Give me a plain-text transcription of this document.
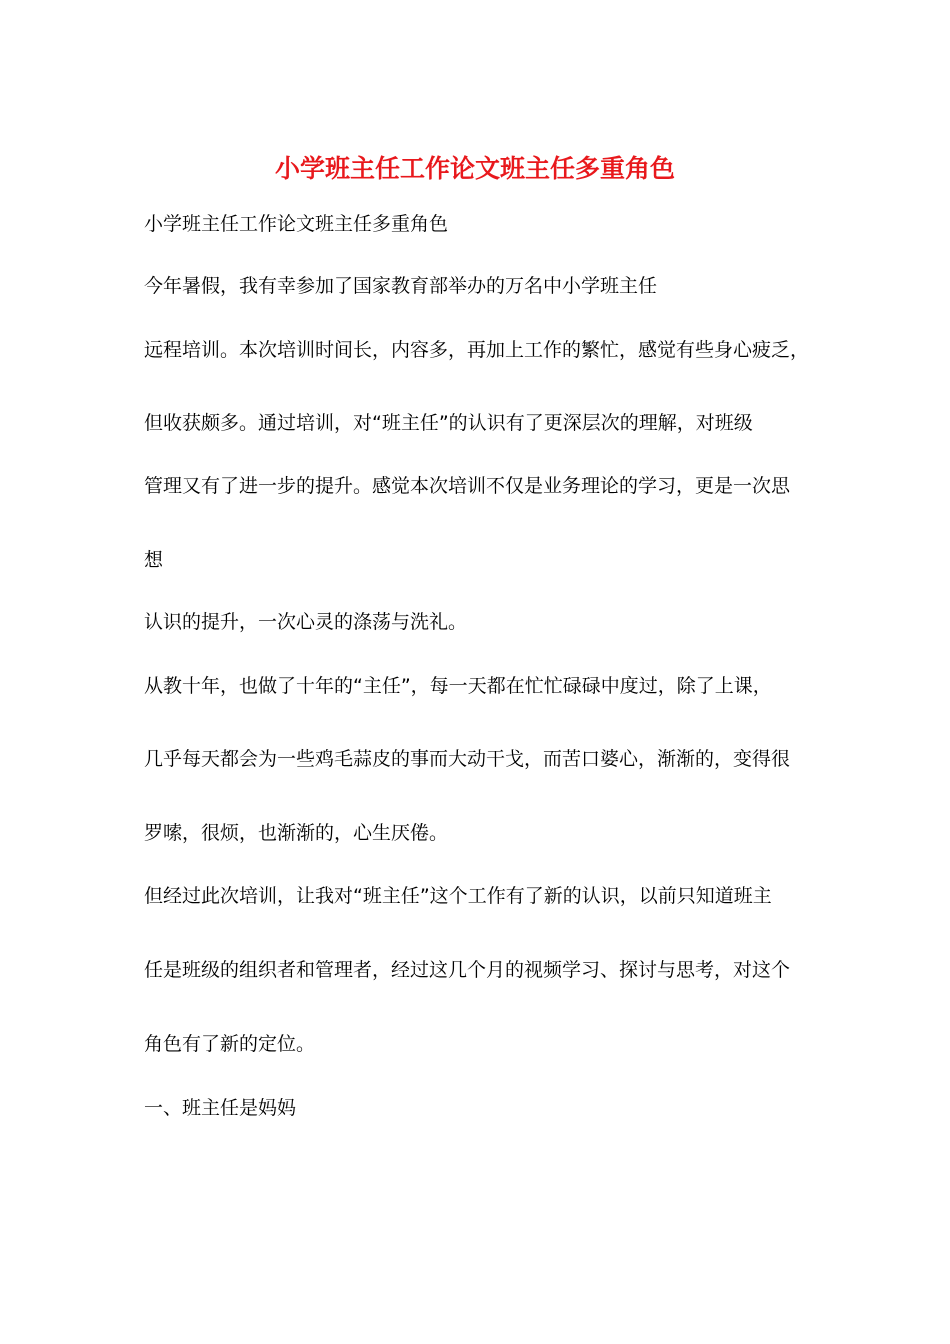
小学班主任工作论文班主任多重角色
小学班主任工作论文班主任多重角色
今年暑假，我有幸参加了国家教育部举办的万名中小学班主任
远程培训。本次培训时间长，内容多，再加上工作的繁忙，感觉有些身心疲乏，
但收获颇多。通过培训，对“班主任”的认识有了更深层次的理解，对班级
管理又有了进一步的提升。感觉本次培训不仅是业务理论的学习，更是一次思
想
认识的提升，一次心灵的涤荡与洗礼。
从教十年，也做了十年的“主任”，每一天都在忙忙碌碌中度过，除了上课，
几乎每天都会为一些鸡毛蒜皮的事而大动干戈，而苦口婆心，渐渐的，变得很
罗嗦，很烦，也渐渐的，心生厌倦。
但经过此次培训，让我对“班主任”这个工作有了新的认识，以前只知道班主
任是班级的组织者和管理者，经过这几个月的视频学习、探讨与思考，对这个
角色有了新的定位。
一、班主任是妈妈
